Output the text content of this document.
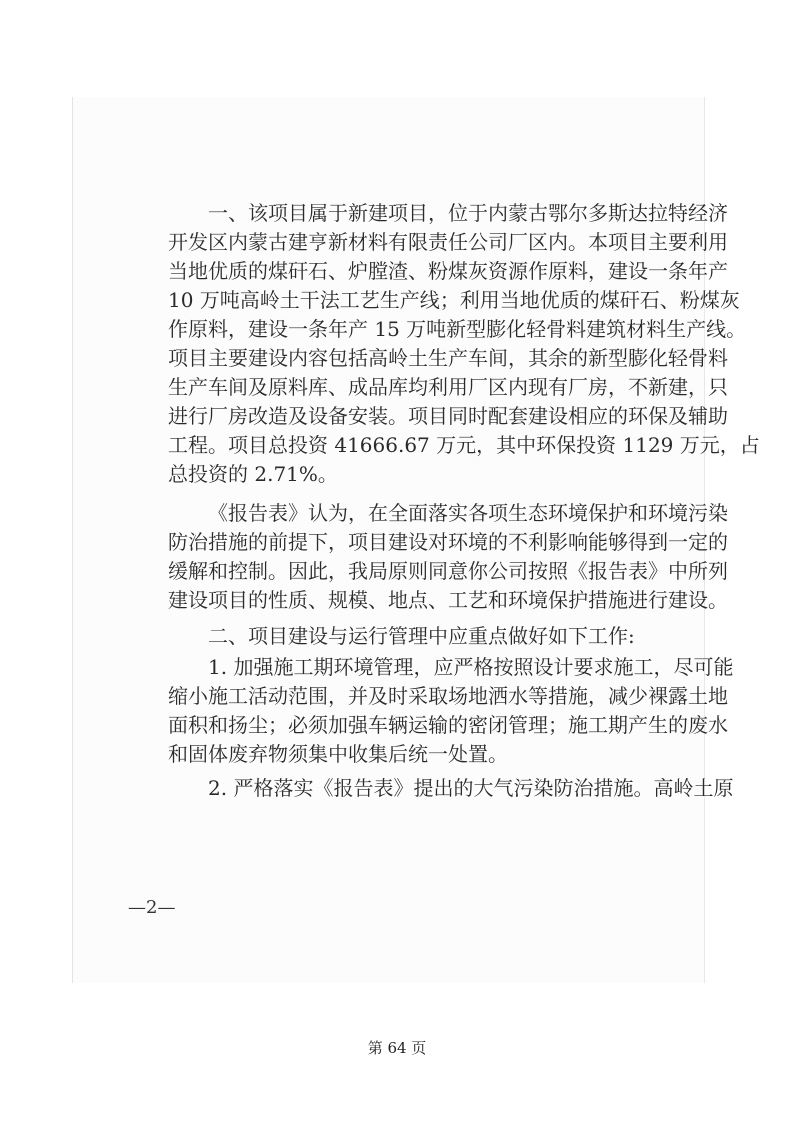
一、该项目属于新建项目，位于内蒙古鄂尔多斯达拉特经济
开发区内蒙古建亨新材料有限责任公司厂区内。本项目主要利用
当地优质的煤矸石、炉膛渣、粉煤灰资源作原料，建设一条年产
10 万吨高岭土干法工艺生产线；利用当地优质的煤矸石、粉煤灰
作原料，建设一条年产 15 万吨新型膨化轻骨料建筑材料生产线。
项目主要建设内容包括高岭土生产车间，其余的新型膨化轻骨料
生产车间及原料库、成品库均利用厂区内现有厂房，不新建，只
进行厂房改造及设备安装。项目同时配套建设相应的环保及辅助
工程。项目总投资 41666.67 万元，其中环保投资 1129 万元，占
总投资的 2.71%。
《报告表》认为，在全面落实各项生态环境保护和环境污染
防治措施的前提下，项目建设对环境的不利影响能够得到一定的
缓解和控制。因此，我局原则同意你公司按照《报告表》中所列
建设项目的性质、规模、地点、工艺和环境保护措施进行建设。
二、项目建设与运行管理中应重点做好如下工作:
1. 加强施工期环境管理，应严格按照设计要求施工，尽可能
缩小施工活动范围，并及时采取场地洒水等措施，减少裸露土地
面积和扬尘；必须加强车辆运输的密闭管理；施工期产生的废水
和固体废弃物须集中收集后统一处置。
2. 严格落实《报告表》提出的大气污染防治措施。高岭土原
—2—
第 64 页
